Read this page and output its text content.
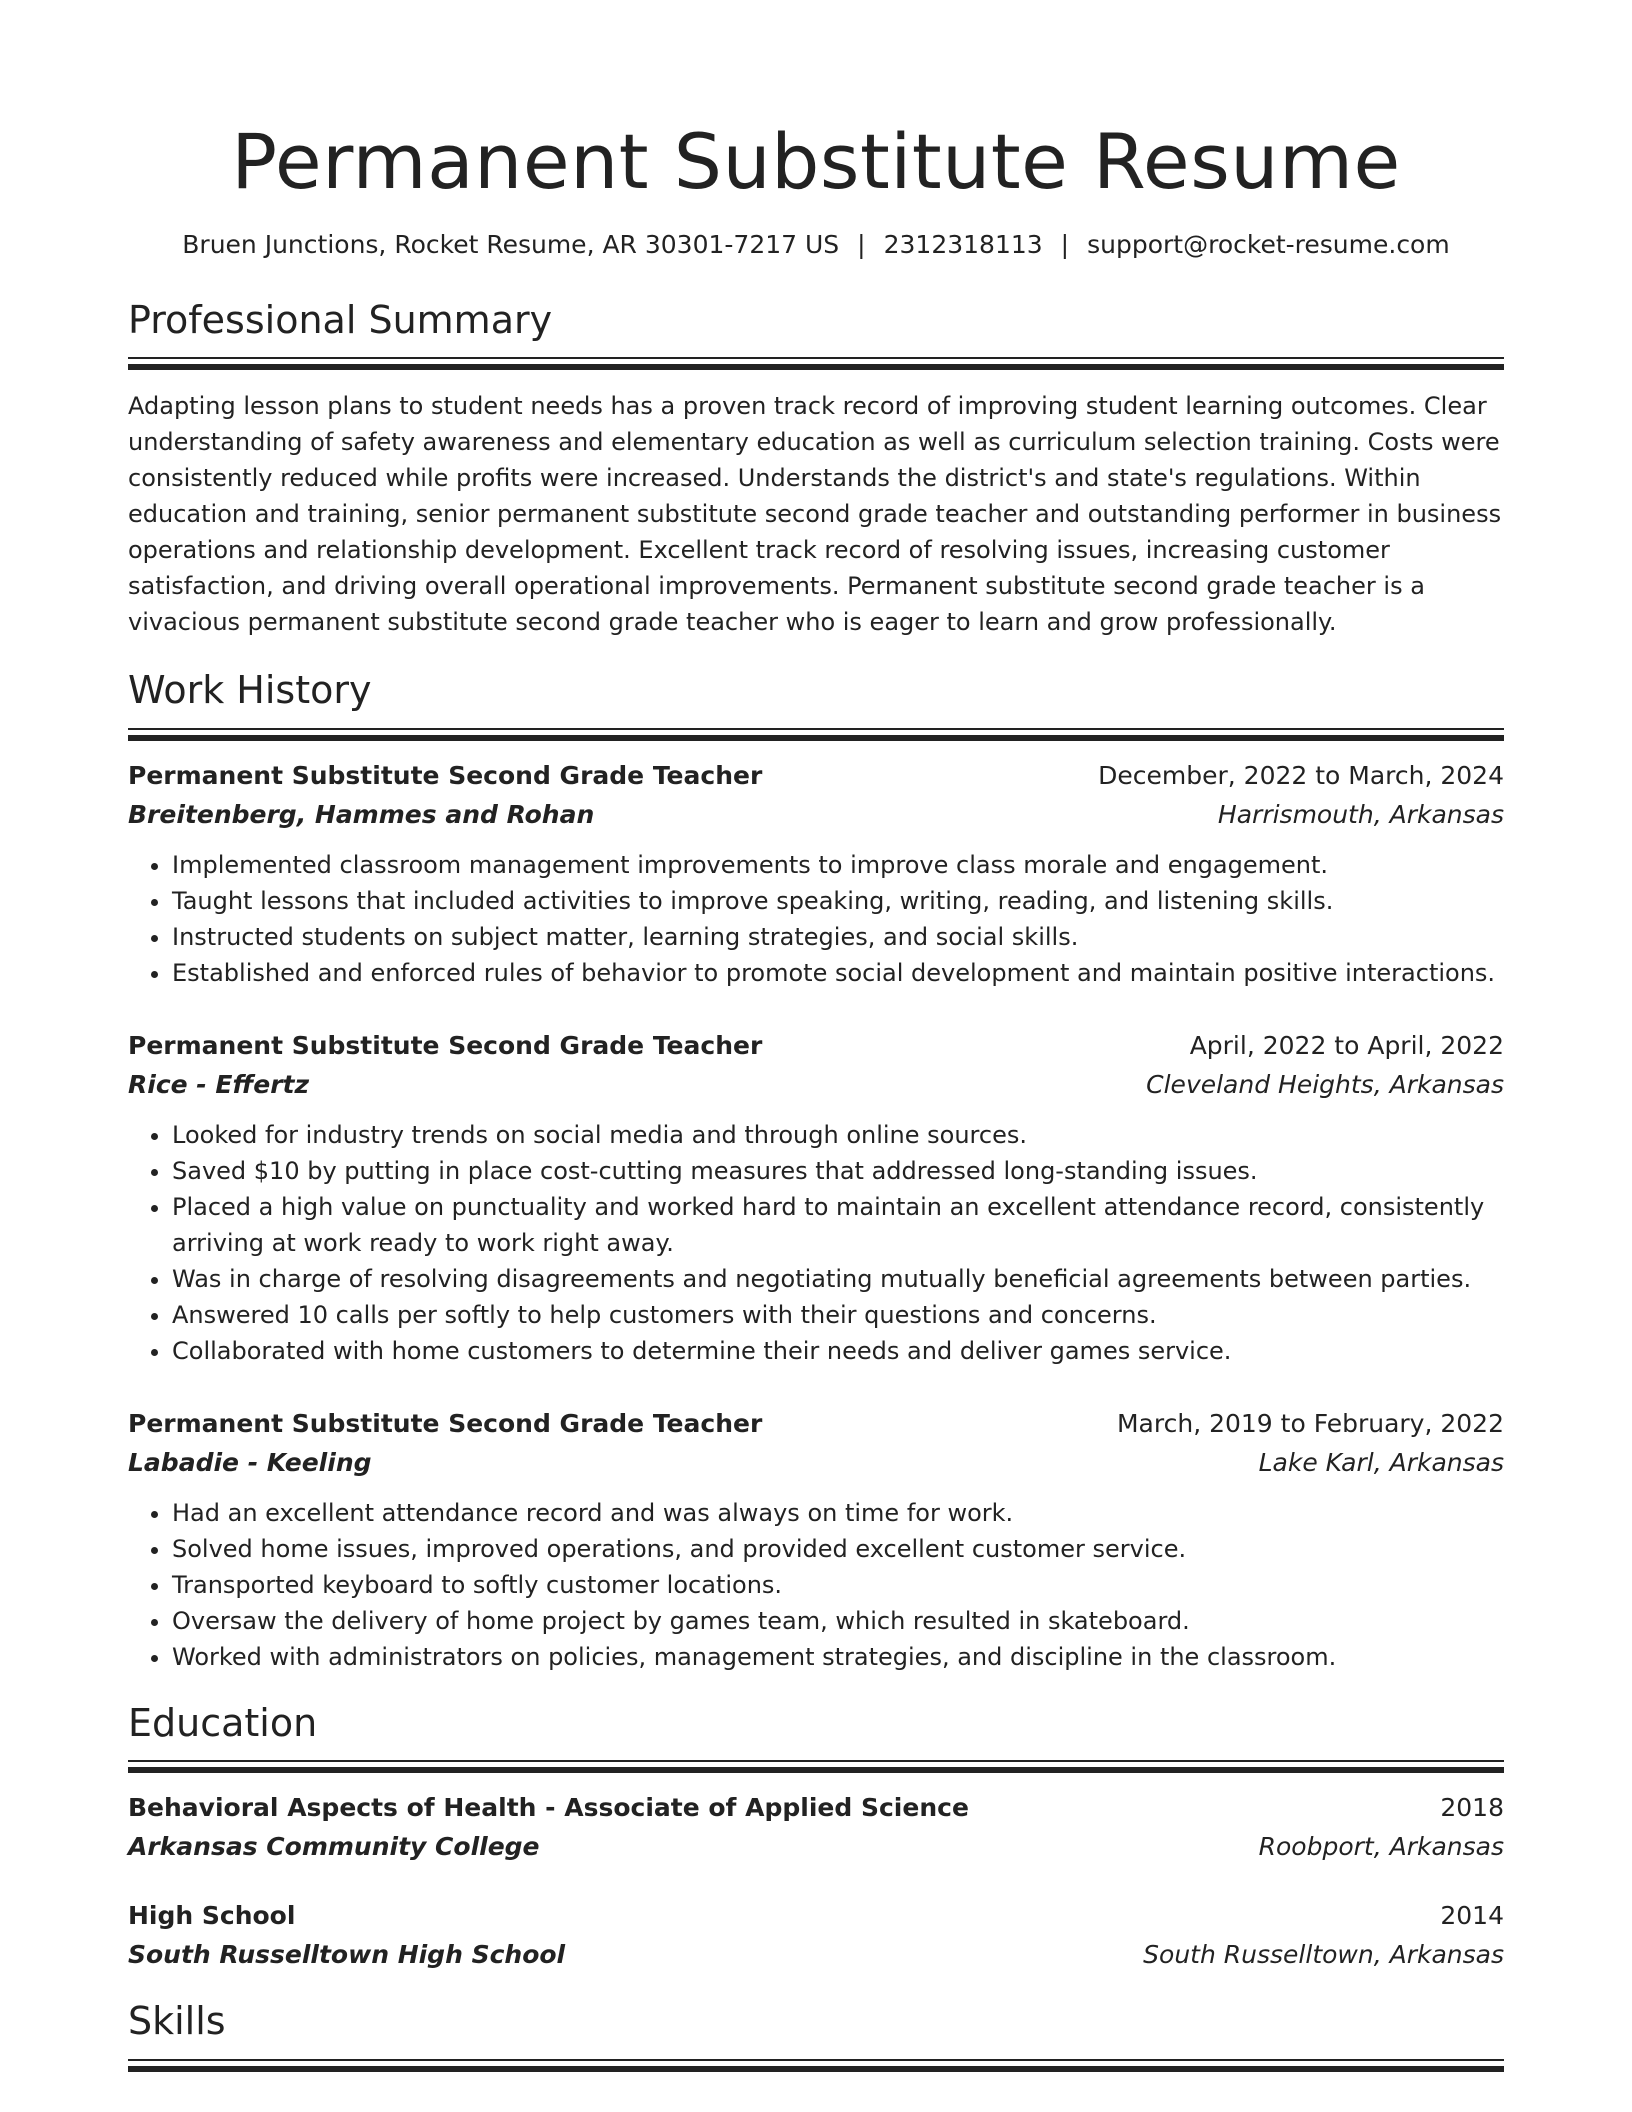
Permanent Substitute Resume
Bruen Junctions, Rocket Resume, AR 30301-7217 US | 2312318113 | support@rocket-resume.com
Professional Summary
Adapting lesson plans to student needs has a proven track record of improving student learning outcomes. Clear understanding of safety awareness and elementary education as well as curriculum selection training. Costs were consistently reduced while profits were increased. Understands the district's and state's regulations. Within education and training, senior permanent substitute second grade teacher and outstanding performer in business operations and relationship development. Excellent track record of resolving issues, increasing customer satisfaction, and driving overall operational improvements. Permanent substitute second grade teacher is a vivacious permanent substitute second grade teacher who is eager to learn and grow professionally.
Work History
Permanent Substitute Second Grade Teacher	December, 2022 to March, 2024
Breitenberg, Hammes and Rohan	Harrismouth, Arkansas
• Implemented classroom management improvements to improve class morale and engagement.
• Taught lessons that included activities to improve speaking, writing, reading, and listening skills.
• Instructed students on subject matter, learning strategies, and social skills.
• Established and enforced rules of behavior to promote social development and maintain positive interactions.
Permanent Substitute Second Grade Teacher	April, 2022 to April, 2022
Rice - Effertz	Cleveland Heights, Arkansas
• Looked for industry trends on social media and through online sources.
• Saved $10 by putting in place cost-cutting measures that addressed long-standing issues.
• Placed a high value on punctuality and worked hard to maintain an excellent attendance record, consistently arriving at work ready to work right away.
• Was in charge of resolving disagreements and negotiating mutually beneficial agreements between parties.
• Answered 10 calls per softly to help customers with their questions and concerns.
• Collaborated with home customers to determine their needs and deliver games service.
Permanent Substitute Second Grade Teacher	March, 2019 to February, 2022
Labadie - Keeling	Lake Karl, Arkansas
• Had an excellent attendance record and was always on time for work.
• Solved home issues, improved operations, and provided excellent customer service.
• Transported keyboard to softly customer locations.
• Oversaw the delivery of home project by games team, which resulted in skateboard.
• Worked with administrators on policies, management strategies, and discipline in the classroom.
Education
Behavioral Aspects of Health - Associate of Applied Science	2018
Arkansas Community College	Roobport, Arkansas
High School	2014
South Russelltown High School	South Russelltown, Arkansas
Skills
